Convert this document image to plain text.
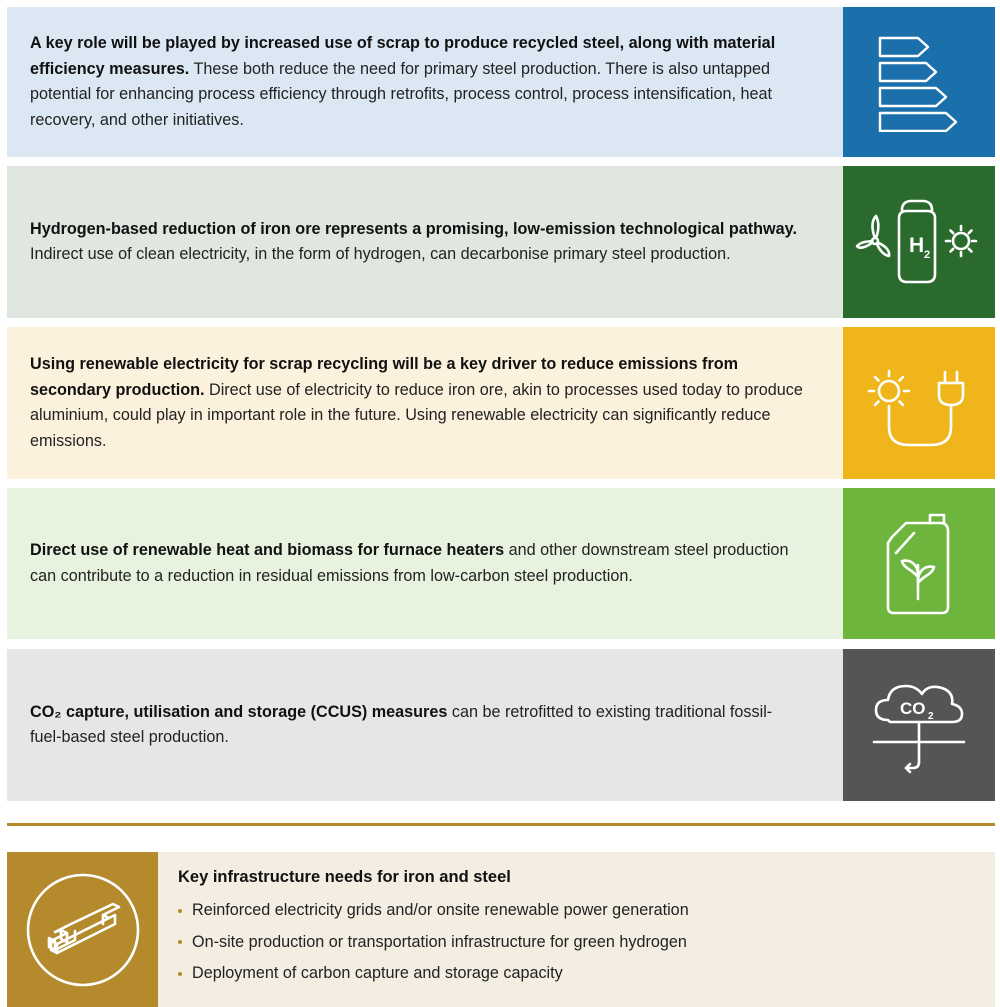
A key role will be played by increased use of scrap to produce recycled steel, along with material efficiency measures. These both reduce the need for primary steel production. There is also untapped potential for enhancing process efficiency through retrofits, process control, process intensification, heat recovery, and other initiatives.

Hydrogen-based reduction of iron ore represents a promising, low-emission technological pathway. Indirect use of clean electricity, in the form of hydrogen, can decarbonise primary steel production.	H 2

Using renewable electricity for scrap recycling will be a key driver to reduce emissions from secondary production. Direct use of electricity to reduce iron ore, akin to processes used today to produce aluminium, could play in important role in the future. Using renewable electricity can significantly reduce emissions.

Direct use of renewable heat and biomass for furnace heaters and other downstream steel production can contribute to a reduction in residual emissions from low-carbon steel production.

CO₂ capture, utilisation and storage (CCUS) measures can be retrofitted to existing traditional fossil-fuel-based steel production.

CO 2
Key infrastructure needs for iron and steel
Reinforced electricity grids and/or onsite renewable power generation
On-site production or transportation infrastructure for green hydrogen
Deployment of carbon capture and storage capacity
